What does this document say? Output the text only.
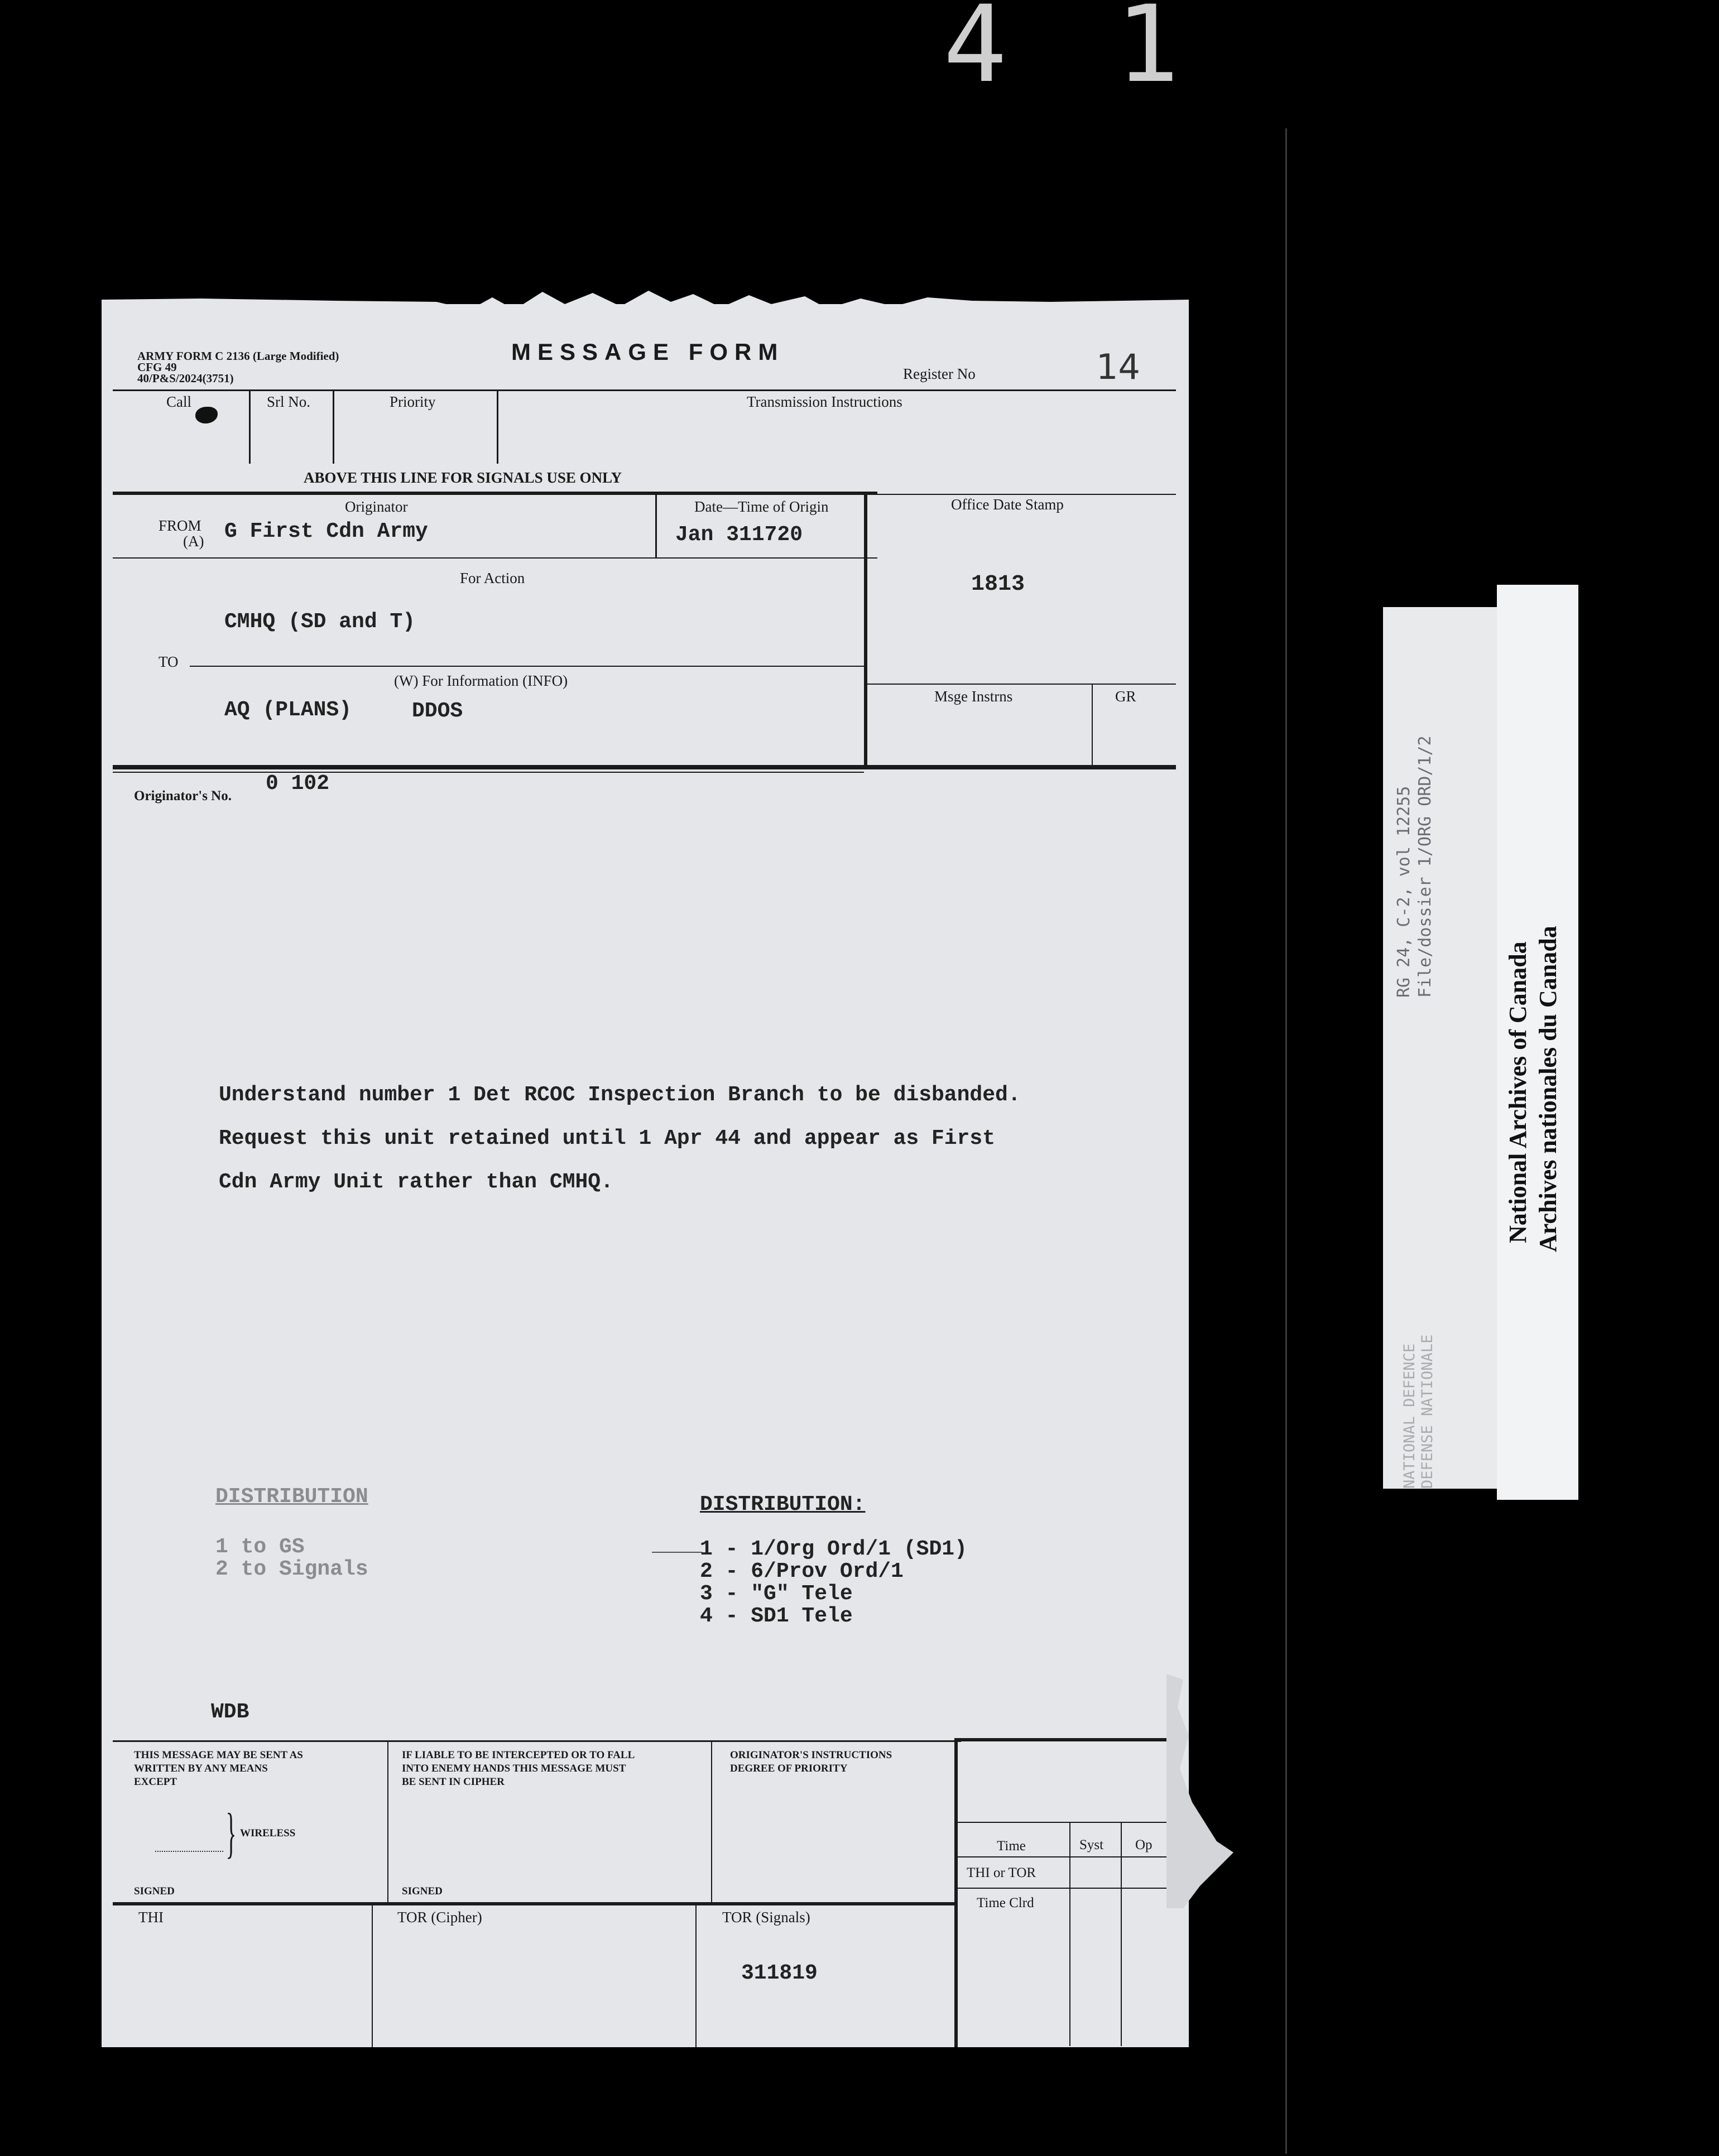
4 1
ARMY FORM C 2136 (Large Modified)
CFG 49
40/P&S/2024(3751)
MESSAGE FORM
Register No	14
Call	Srl No.	Priority	Transmission Instructions
ABOVE THIS LINE FOR SIGNALS USE ONLY
Originator
FROM
(A) G First Cdn Army
Date—Time of Origin
Jan 311720
Office Date Stamp
1813
For Action
CMHQ (SD and T)
TO
(W) For Information (INFO)
AQ (PLANS)	DDOS
Msge Instrns	GR
Originator's No.
0 102
Understand number 1 Det RCOC Inspection Branch to be disbanded.
Request this unit retained until 1 Apr 44 and appear as First
Cdn Army Unit rather than CMHQ.
DISTRIBUTION
1 to GS
2 to Signals
DISTRIBUTION:
1 - 1/Org Ord/1 (SD1)
2 - 6/Prov Ord/1
3 - "G" Tele
4 - SD1 Tele
WDB
THIS MESSAGE MAY BE SENT AS
WRITTEN BY ANY MEANS
EXCEPT
} WIRELESS
SIGNED
IF LIABLE TO BE INTERCEPTED OR TO FALL
INTO ENEMY HANDS THIS MESSAGE MUST
BE SENT IN CIPHER
SIGNED
ORIGINATOR'S INSTRUCTIONS
DEGREE OF PRIORITY
Time	Syst Op
THI or TOR
Time Clrd
THI	TOR (Cipher)	TOR (Signals)
311819
RG 24, C-2, vol 12255 File/dossier 1/ORG ORD/1/2
NATIONAL DEFENCE DEFENSE NATIONALE
National Archives of Canada Archives nationales du Canada
